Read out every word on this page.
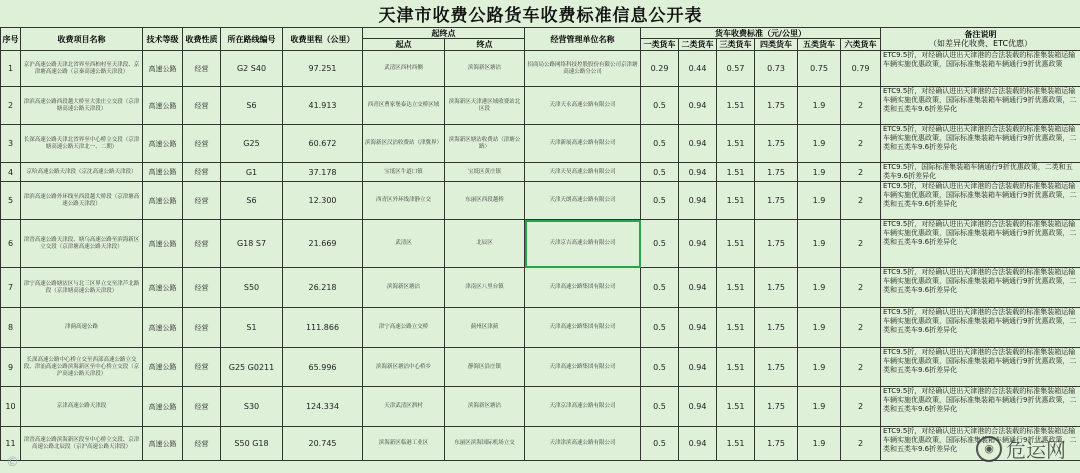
天津市收费公路货车收费标准信息公开表															
序号	收费项目名称	技术等级	收费性质	所在路线编号	收费里程（公里）	起终点		经营管理单位名称	货车收费标准（元/公里）						备注说明
（如差异化收费、ETC优惠）

						起点	终点		一类货车	二类货车	三类货车	四类货车	五类货车	六类货车	
1	京沪高速公路天津北省界至西柏村至天津段、京津塘高速公路（京秦高速公路天津段）	高速公路	经营	G2 S40	97.251	武清区西村西侧	滨海新区塘沽	招商局公路网络科技控股股份有限公司京津塘高速公路分公司	0.29	0.44	0.57	0.73	0.75	0.79	ETC9.5折，对经确认进出天津港的合法装载的标准集装箱运输车辆实施优惠政策，国际标准集装箱车辆通行9折优惠政策
2	津滨高速公路西段越大桥至大张庄立交段（京津塘高速公路天津段）	高速公路	经营	S6	41.913	西青区曹家堡泰达立交桥区域	滨海新区天津港区域收费站北区段	天津天永高速公路有限公司	0.5	0.94	1.51	1.75	1.9	2	ETC9.5折，对经确认进出天津港的合法装载的标准集装箱运输车辆实施优惠政策，国际标准集装箱车辆通行9折优惠政策，二类和五类车9.6折差异化
3	长深高速公路天津北省界至中心桥立交段（京津塘高速公路天津北一、二期）	高速公路	经营	G25	60.672	滨海新区汉沽收费站（津冀界）	滨海新区塘沽收费站（津塘公路）	天津新展高速公路有限公司	0.5	0.94	1.51	1.75	1.9	2	ETC9.5折，对经确认进出天津港的合法装载的标准集装箱运输车辆实施优惠政策，国际标准集装箱车辆通行9折优惠政策，二类和五类车9.6折差异化
4	京哈高速公路天津段（京沈高速公路天津段）	高速公路	经营	G1	37.178	宝坻区牛道口镇	宝坻区黄庄镇	天津天昊高速公路有限公司	0.5	0.94	1.51	1.75	1.9	2	ETC9.5折，国际标准集装箱车辆通行9折优惠政策，二类和五类车9.6折差异化
5	津滨高速公路外环线至西段越大桥段（京津塘高速公路天津段）	高速公路	经营	S6	12.300	西青区外环线津静立交	东丽区西段越桥	天津天朗高速公路有限公司	0.5	0.94	1.51	1.75	1.9	2	ETC9.5折，对经确认进出天津港的合法装载的标准集装箱运输车辆实施优惠政策，国际标准集装箱车辆通行9折优惠政策，二类和五类车9.6折差异化
6	津晋高速公路天津段、塘乌高速公路至滨海新区立交段（京津塘高速公路天津段）	高速公路	经营	G18 S7	21.669	武清区	北辰区	天津京吉高速公路有限公司	0.5	0.94	1.51	1.75	1.9	2	ETC9.5折，对经确认进出天津港的合法装载的标准集装箱运输车辆实施优惠政策，国际标准集装箱车辆通行9折优惠政策，二类和五类车9.6折差异化
7	津宁高速公路塘沽区与北三区界立交至津芦北路段（京津塘高速公路天津段）	高速公路	经营	S50	26.218	滨海新区塘沽	津南区八里台镇	天津高速公路集团有限公司	0.5	0.94	1.51	1.75	1.9	2	ETC9.5折，对经确认进出天津港的合法装载的标准集装箱运输车辆实施优惠政策，国际标准集装箱车辆通行9折优惠政策，二类和五类车9.6折差异化
8	津蓟高速公路	高速公路	经营	S1	111.866	津宁高速公路立交桥	蓟州区津蓟	天津高速公路集团有限公司	0.5	0.94	1.51	1.75	1.9	2	ETC9.5折，对经确认进出天津港的合法装载的标准集装箱运输车辆实施优惠政策，国际标准集装箱车辆通行9折优惠政策，二类和五类车9.6折差异化
9	长深高速公路中心桥立交至西部高速公路立交段、津汕高速公路滨海新区至中心桥立交段（京沪高速公路天津段）	高速公路	经营	G25 G0211	65.996	滨海新区塘沽中心桥乡	静海区沿庄镇	天津高速公路集团有限公司	0.5	0.94	1.51	1.75	1.9	2	ETC9.5折，对经确认进出天津港的合法装载的标准集装箱运输车辆实施优惠政策，国际标准集装箱车辆通行9折优惠政策，二类和五类车9.6折差异化
10	京津高速公路天津段	高速公路	经营	S30	124.334	天津武清区泗村	滨海新区塘沽	天津京津高速公路有限公司	0.5	0.94	1.51	1.75	1.9	2	ETC9.5折，对经确认进出天津港的合法装载的标准集装箱运输车辆实施优惠政策，国际标准集装箱车辆通行9折优惠政策，二类和五类车9.6折差异化
11	津晋高速公路滨海新区段至中心桥立交段、京津高速公路北辰段（京沪高速公路天津段）	高速公路	经营	S50 G18	20.745	滨海新区临港工业区	东丽区滨海国际机场立交	天津津滨高速公路有限公司	0.5	0.94	1.51	1.75	1.9	2	ETC9.5折，对经确认进出天津港的合法装载的标准集装箱运输车辆实施优惠政策，国际标准集装箱车辆通行9折优惠政策，二类和五类车9.6折差异化
©
◉ 危运网
